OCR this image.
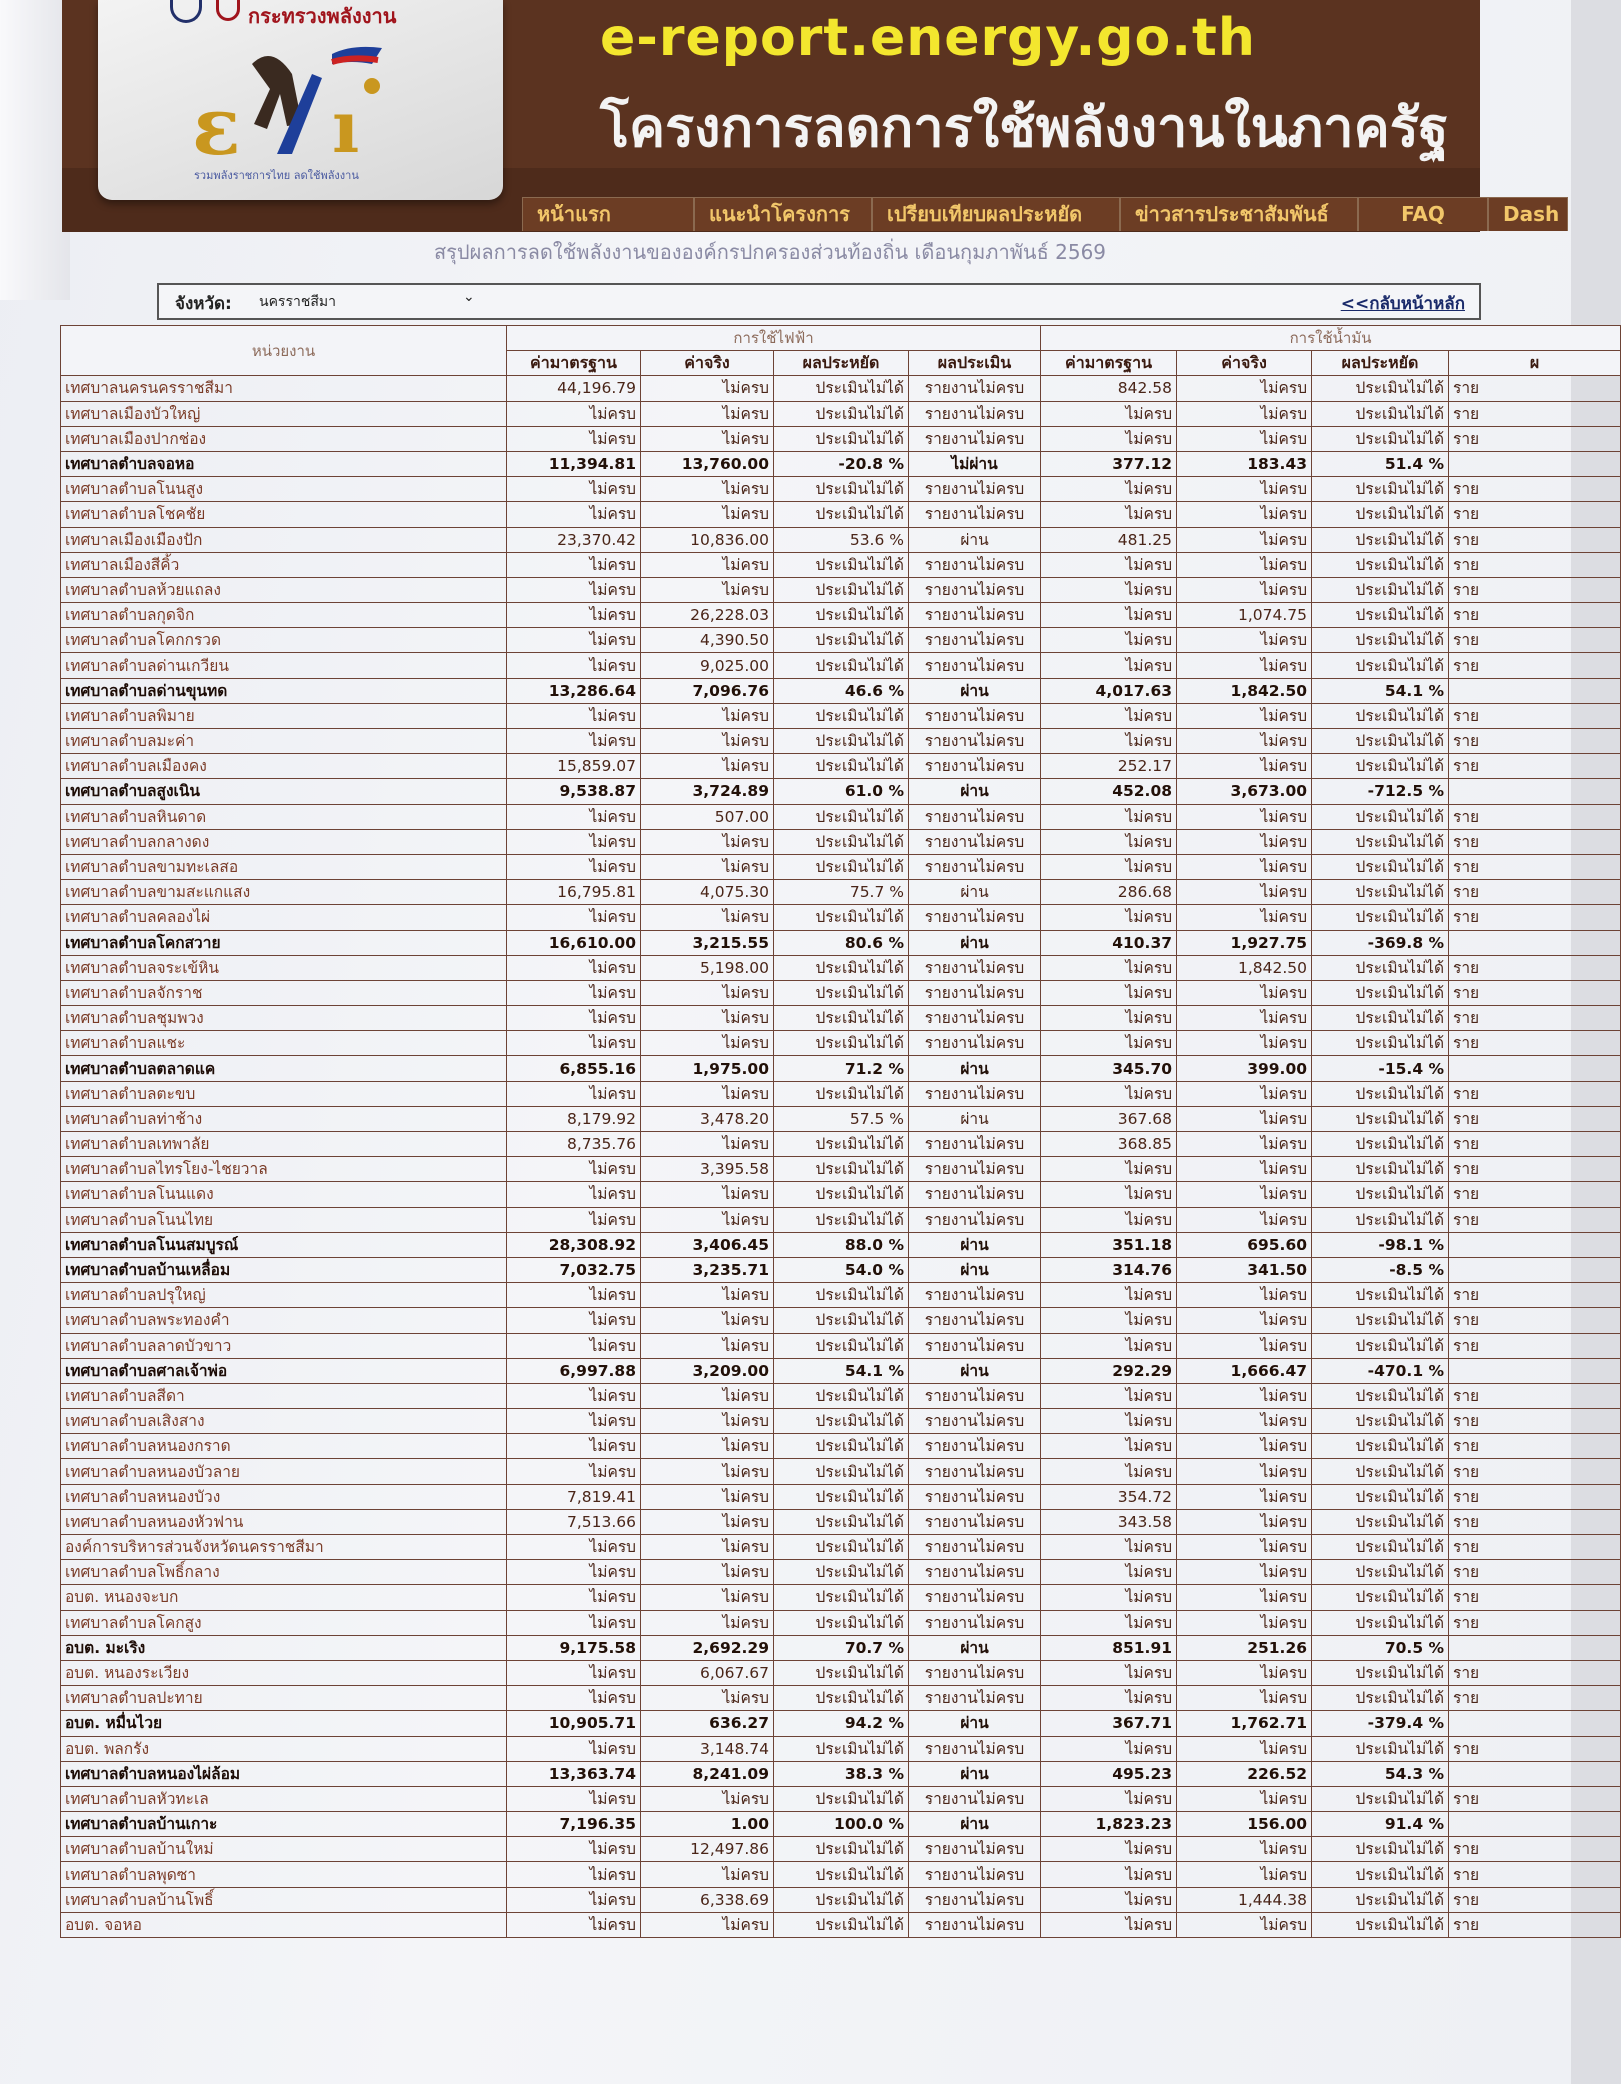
กระทรวงพลังงาน
ε ı
รวมพลังราชการไทย ลดใช้พลังงาน
e-report.energy.go.th
โครงการลดการใช้พลังงานในภาครัฐ
หน้าแรก	แนะนำโครงการ	เปรียบเทียบผลประหยัด	ข่าวสารประชาสัมพันธ์	FAQ	Dash
สรุปผลการลดใช้พลังงานขององค์กรปกครองส่วนท้องถิ่น เดือนกุมภาพันธ์ 2569
จังหวัด: นครราชสีมา	⌄	<<กลับหน้าหลัก
หน่วยงาน	การใช้ไฟฟ้า				การใช้น้ำมัน			
	ค่ามาตรฐาน	ค่าจริง	ผลประหยัด	ผลประเมิน	ค่ามาตรฐาน	ค่าจริง	ผลประหยัด	ผ
เทศบาลนครนครราชสีมา	44,196.79	ไม่ครบ	ประเมินไม่ได้	รายงานไม่ครบ	842.58	ไม่ครบ	ประเมินไม่ได้	ราย
เทศบาลเมืองบัวใหญ่	ไม่ครบ	ไม่ครบ	ประเมินไม่ได้	รายงานไม่ครบ	ไม่ครบ	ไม่ครบ	ประเมินไม่ได้	ราย
เทศบาลเมืองปากช่อง	ไม่ครบ	ไม่ครบ	ประเมินไม่ได้	รายงานไม่ครบ	ไม่ครบ	ไม่ครบ	ประเมินไม่ได้	ราย
เทศบาลตำบลจอหอ	11,394.81	13,760.00	-20.8 %	ไม่ผ่าน	377.12	183.43	51.4 %	
เทศบาลตำบลโนนสูง	ไม่ครบ	ไม่ครบ	ประเมินไม่ได้	รายงานไม่ครบ	ไม่ครบ	ไม่ครบ	ประเมินไม่ได้	ราย
เทศบาลตำบลโชคชัย	ไม่ครบ	ไม่ครบ	ประเมินไม่ได้	รายงานไม่ครบ	ไม่ครบ	ไม่ครบ	ประเมินไม่ได้	ราย
เทศบาลเมืองเมืองปัก	23,370.42	10,836.00	53.6 %	ผ่าน	481.25	ไม่ครบ	ประเมินไม่ได้	ราย
เทศบาลเมืองสีคิ้ว	ไม่ครบ	ไม่ครบ	ประเมินไม่ได้	รายงานไม่ครบ	ไม่ครบ	ไม่ครบ	ประเมินไม่ได้	ราย
เทศบาลตำบลห้วยแถลง	ไม่ครบ	ไม่ครบ	ประเมินไม่ได้	รายงานไม่ครบ	ไม่ครบ	ไม่ครบ	ประเมินไม่ได้	ราย
เทศบาลตำบลกุดจิก	ไม่ครบ	26,228.03	ประเมินไม่ได้	รายงานไม่ครบ	ไม่ครบ	1,074.75	ประเมินไม่ได้	ราย
เทศบาลตำบลโคกกรวด	ไม่ครบ	4,390.50	ประเมินไม่ได้	รายงานไม่ครบ	ไม่ครบ	ไม่ครบ	ประเมินไม่ได้	ราย
เทศบาลตำบลด่านเกวียน	ไม่ครบ	9,025.00	ประเมินไม่ได้	รายงานไม่ครบ	ไม่ครบ	ไม่ครบ	ประเมินไม่ได้	ราย
เทศบาลตำบลด่านขุนทด	13,286.64	7,096.76	46.6 %	ผ่าน	4,017.63	1,842.50	54.1 %	
เทศบาลตำบลพิมาย	ไม่ครบ	ไม่ครบ	ประเมินไม่ได้	รายงานไม่ครบ	ไม่ครบ	ไม่ครบ	ประเมินไม่ได้	ราย
เทศบาลตำบลมะค่า	ไม่ครบ	ไม่ครบ	ประเมินไม่ได้	รายงานไม่ครบ	ไม่ครบ	ไม่ครบ	ประเมินไม่ได้	ราย
เทศบาลตำบลเมืองคง	15,859.07	ไม่ครบ	ประเมินไม่ได้	รายงานไม่ครบ	252.17	ไม่ครบ	ประเมินไม่ได้	ราย
เทศบาลตำบลสูงเนิน	9,538.87	3,724.89	61.0 %	ผ่าน	452.08	3,673.00	-712.5 %	
เทศบาลตำบลหินดาด	ไม่ครบ	507.00	ประเมินไม่ได้	รายงานไม่ครบ	ไม่ครบ	ไม่ครบ	ประเมินไม่ได้	ราย
เทศบาลตำบลกลางดง	ไม่ครบ	ไม่ครบ	ประเมินไม่ได้	รายงานไม่ครบ	ไม่ครบ	ไม่ครบ	ประเมินไม่ได้	ราย
เทศบาลตำบลขามทะเลสอ	ไม่ครบ	ไม่ครบ	ประเมินไม่ได้	รายงานไม่ครบ	ไม่ครบ	ไม่ครบ	ประเมินไม่ได้	ราย
เทศบาลตำบลขามสะแกแสง	16,795.81	4,075.30	75.7 %	ผ่าน	286.68	ไม่ครบ	ประเมินไม่ได้	ราย
เทศบาลตำบลคลองไผ่	ไม่ครบ	ไม่ครบ	ประเมินไม่ได้	รายงานไม่ครบ	ไม่ครบ	ไม่ครบ	ประเมินไม่ได้	ราย
เทศบาลตำบลโคกสวาย	16,610.00	3,215.55	80.6 %	ผ่าน	410.37	1,927.75	-369.8 %	
เทศบาลตำบลจระเข้หิน	ไม่ครบ	5,198.00	ประเมินไม่ได้	รายงานไม่ครบ	ไม่ครบ	1,842.50	ประเมินไม่ได้	ราย
เทศบาลตำบลจักราช	ไม่ครบ	ไม่ครบ	ประเมินไม่ได้	รายงานไม่ครบ	ไม่ครบ	ไม่ครบ	ประเมินไม่ได้	ราย
เทศบาลตำบลชุมพวง	ไม่ครบ	ไม่ครบ	ประเมินไม่ได้	รายงานไม่ครบ	ไม่ครบ	ไม่ครบ	ประเมินไม่ได้	ราย
เทศบาลตำบลแชะ	ไม่ครบ	ไม่ครบ	ประเมินไม่ได้	รายงานไม่ครบ	ไม่ครบ	ไม่ครบ	ประเมินไม่ได้	ราย
เทศบาลตำบลตลาดแค	6,855.16	1,975.00	71.2 %	ผ่าน	345.70	399.00	-15.4 %	
เทศบาลตำบลตะขบ	ไม่ครบ	ไม่ครบ	ประเมินไม่ได้	รายงานไม่ครบ	ไม่ครบ	ไม่ครบ	ประเมินไม่ได้	ราย
เทศบาลตำบลท่าช้าง	8,179.92	3,478.20	57.5 %	ผ่าน	367.68	ไม่ครบ	ประเมินไม่ได้	ราย
เทศบาลตำบลเทพาลัย	8,735.76	ไม่ครบ	ประเมินไม่ได้	รายงานไม่ครบ	368.85	ไม่ครบ	ประเมินไม่ได้	ราย
เทศบาลตำบลไทรโยง-ไชยวาล	ไม่ครบ	3,395.58	ประเมินไม่ได้	รายงานไม่ครบ	ไม่ครบ	ไม่ครบ	ประเมินไม่ได้	ราย
เทศบาลตำบลโนนแดง	ไม่ครบ	ไม่ครบ	ประเมินไม่ได้	รายงานไม่ครบ	ไม่ครบ	ไม่ครบ	ประเมินไม่ได้	ราย
เทศบาลตำบลโนนไทย	ไม่ครบ	ไม่ครบ	ประเมินไม่ได้	รายงานไม่ครบ	ไม่ครบ	ไม่ครบ	ประเมินไม่ได้	ราย
เทศบาลตำบลโนนสมบูรณ์	28,308.92	3,406.45	88.0 %	ผ่าน	351.18	695.60	-98.1 %	
เทศบาลตำบลบ้านเหลื่อม	7,032.75	3,235.71	54.0 %	ผ่าน	314.76	341.50	-8.5 %	
เทศบาลตำบลปรุใหญ่	ไม่ครบ	ไม่ครบ	ประเมินไม่ได้	รายงานไม่ครบ	ไม่ครบ	ไม่ครบ	ประเมินไม่ได้	ราย
เทศบาลตำบลพระทองคำ	ไม่ครบ	ไม่ครบ	ประเมินไม่ได้	รายงานไม่ครบ	ไม่ครบ	ไม่ครบ	ประเมินไม่ได้	ราย
เทศบาลตำบลลาดบัวขาว	ไม่ครบ	ไม่ครบ	ประเมินไม่ได้	รายงานไม่ครบ	ไม่ครบ	ไม่ครบ	ประเมินไม่ได้	ราย
เทศบาลตำบลศาลเจ้าพ่อ	6,997.88	3,209.00	54.1 %	ผ่าน	292.29	1,666.47	-470.1 %	
เทศบาลตำบลสีดา	ไม่ครบ	ไม่ครบ	ประเมินไม่ได้	รายงานไม่ครบ	ไม่ครบ	ไม่ครบ	ประเมินไม่ได้	ราย
เทศบาลตำบลเสิงสาง	ไม่ครบ	ไม่ครบ	ประเมินไม่ได้	รายงานไม่ครบ	ไม่ครบ	ไม่ครบ	ประเมินไม่ได้	ราย
เทศบาลตำบลหนองกราด	ไม่ครบ	ไม่ครบ	ประเมินไม่ได้	รายงานไม่ครบ	ไม่ครบ	ไม่ครบ	ประเมินไม่ได้	ราย
เทศบาลตำบลหนองบัวลาย	ไม่ครบ	ไม่ครบ	ประเมินไม่ได้	รายงานไม่ครบ	ไม่ครบ	ไม่ครบ	ประเมินไม่ได้	ราย
เทศบาลตำบลหนองบัวง	7,819.41	ไม่ครบ	ประเมินไม่ได้	รายงานไม่ครบ	354.72	ไม่ครบ	ประเมินไม่ได้	ราย
เทศบาลตำบลหนองหัวฟาน	7,513.66	ไม่ครบ	ประเมินไม่ได้	รายงานไม่ครบ	343.58	ไม่ครบ	ประเมินไม่ได้	ราย
องค์การบริหารส่วนจังหวัดนครราชสีมา	ไม่ครบ	ไม่ครบ	ประเมินไม่ได้	รายงานไม่ครบ	ไม่ครบ	ไม่ครบ	ประเมินไม่ได้	ราย
เทศบาลตำบลโพธิ์กลาง	ไม่ครบ	ไม่ครบ	ประเมินไม่ได้	รายงานไม่ครบ	ไม่ครบ	ไม่ครบ	ประเมินไม่ได้	ราย
อบต. หนองจะบก	ไม่ครบ	ไม่ครบ	ประเมินไม่ได้	รายงานไม่ครบ	ไม่ครบ	ไม่ครบ	ประเมินไม่ได้	ราย
เทศบาลตำบลโคกสูง	ไม่ครบ	ไม่ครบ	ประเมินไม่ได้	รายงานไม่ครบ	ไม่ครบ	ไม่ครบ	ประเมินไม่ได้	ราย
อบต. มะเริง	9,175.58	2,692.29	70.7 %	ผ่าน	851.91	251.26	70.5 %	
อบต. หนองระเวียง	ไม่ครบ	6,067.67	ประเมินไม่ได้	รายงานไม่ครบ	ไม่ครบ	ไม่ครบ	ประเมินไม่ได้	ราย
เทศบาลตำบลปะทาย	ไม่ครบ	ไม่ครบ	ประเมินไม่ได้	รายงานไม่ครบ	ไม่ครบ	ไม่ครบ	ประเมินไม่ได้	ราย
อบต. หมื่นไวย	10,905.71	636.27	94.2 %	ผ่าน	367.71	1,762.71	-379.4 %	
อบต. พลกรัง	ไม่ครบ	3,148.74	ประเมินไม่ได้	รายงานไม่ครบ	ไม่ครบ	ไม่ครบ	ประเมินไม่ได้	ราย
เทศบาลตำบลหนองไผ่ล้อม	13,363.74	8,241.09	38.3 %	ผ่าน	495.23	226.52	54.3 %	
เทศบาลตำบลหัวทะเล	ไม่ครบ	ไม่ครบ	ประเมินไม่ได้	รายงานไม่ครบ	ไม่ครบ	ไม่ครบ	ประเมินไม่ได้	ราย
เทศบาลตำบลบ้านเกาะ	7,196.35	1.00	100.0 %	ผ่าน	1,823.23	156.00	91.4 %	
เทศบาลตำบลบ้านใหม่	ไม่ครบ	12,497.86	ประเมินไม่ได้	รายงานไม่ครบ	ไม่ครบ	ไม่ครบ	ประเมินไม่ได้	ราย
เทศบาลตำบลพุดซา	ไม่ครบ	ไม่ครบ	ประเมินไม่ได้	รายงานไม่ครบ	ไม่ครบ	ไม่ครบ	ประเมินไม่ได้	ราย
เทศบาลตำบลบ้านโพธิ์	ไม่ครบ	6,338.69	ประเมินไม่ได้	รายงานไม่ครบ	ไม่ครบ	1,444.38	ประเมินไม่ได้	ราย
อบต. จอหอ	ไม่ครบ	ไม่ครบ	ประเมินไม่ได้	รายงานไม่ครบ	ไม่ครบ	ไม่ครบ	ประเมินไม่ได้	ราย
